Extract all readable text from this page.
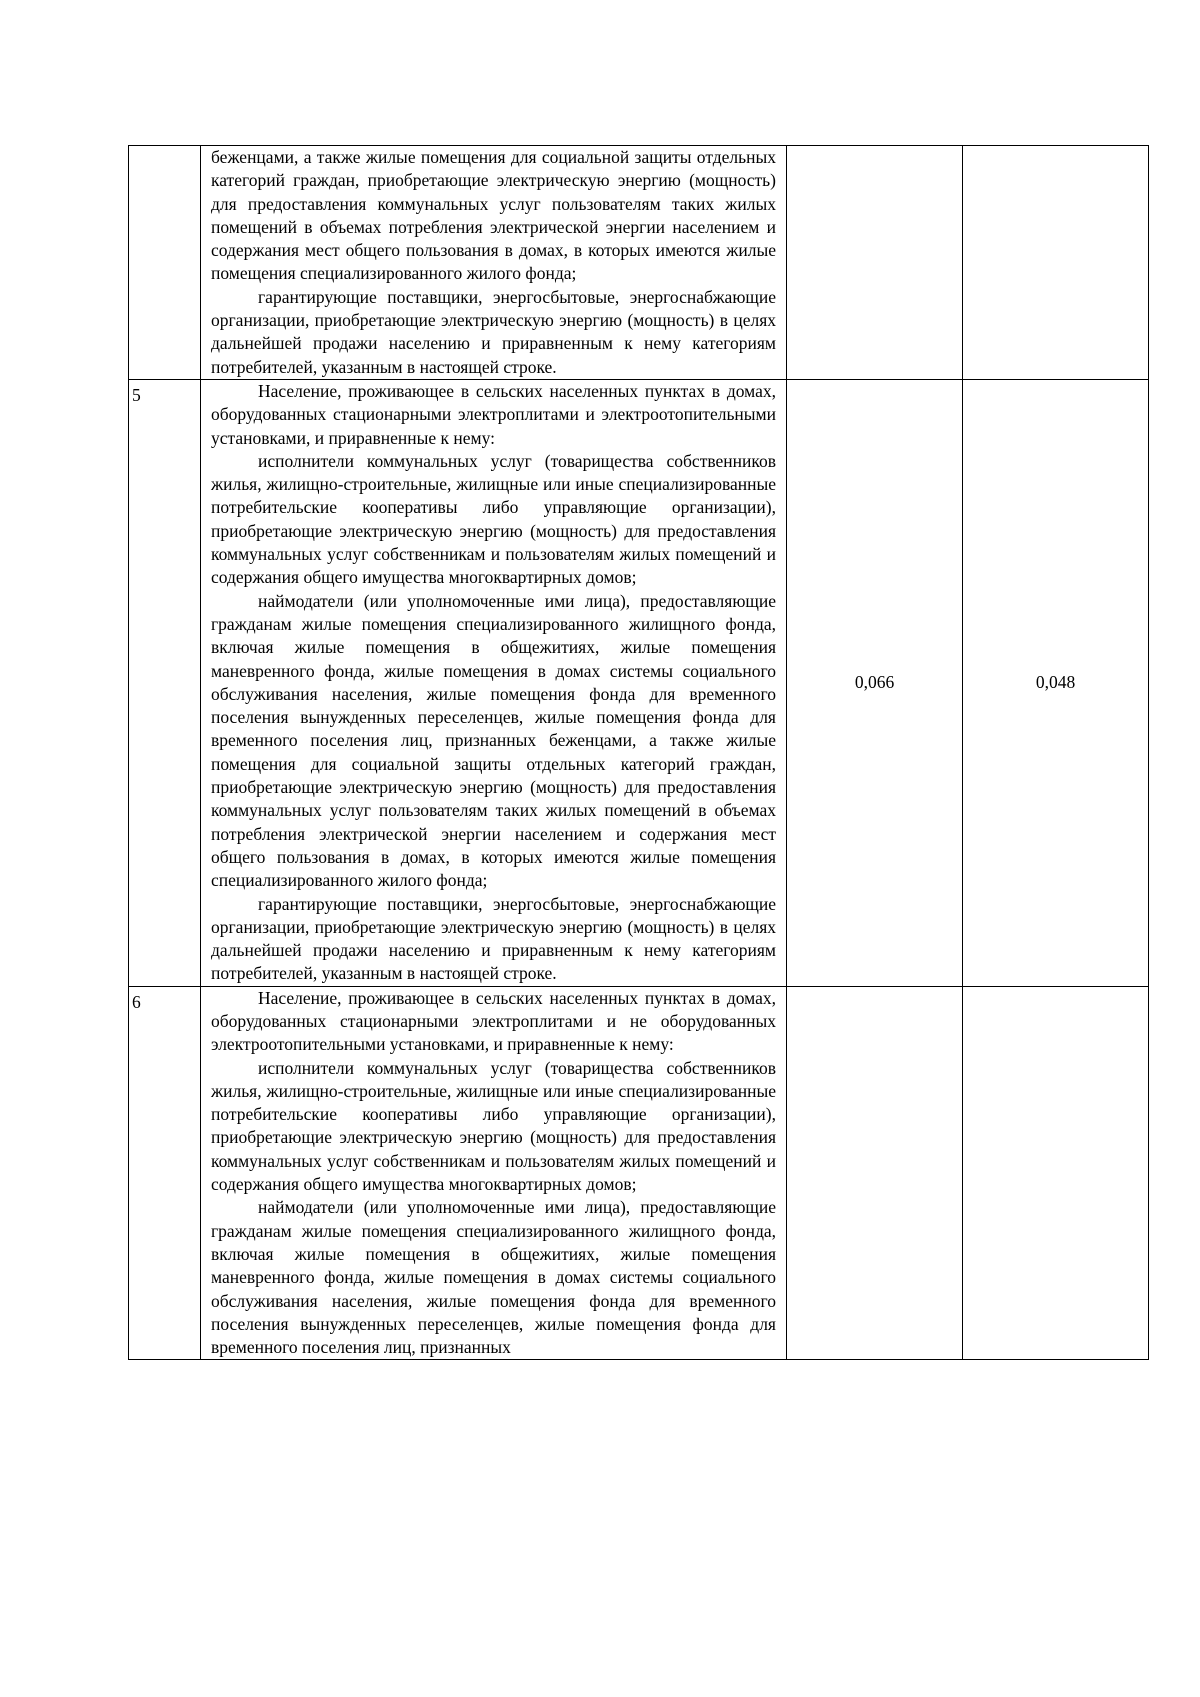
	беженцами, а также жилые помещения для социальной защиты отдельных категорий граждан, приобретающие электрическую энергию (мощность) для предоставления коммунальных услуг пользователям таких жилых помещений в объемах потребления электрической энергии населением и содержания мест общего пользования в домах, в которых имеются жилые помещения специализированного жилого фонда;

гарантирующие поставщики, энергосбытовые, энергоснабжающие организации, приобретающие электрическую энергию (мощность) в целях дальнейшей продажи населению и приравненным к нему категориям потребителей, указанным в настоящей строке.		

5	Население, проживающее в сельских населенных пунктах в домах, оборудованных стационарными электроплитами и электроотопительными установками, и приравненные к нему:

исполнители коммунальных услуг (товарищества собственников жилья, жилищно-строительные, жилищные или иные специализированные потребительские кооперативы либо управляющие организации), приобретающие электрическую энергию (мощность) для предоставления коммунальных услуг собственникам и пользователям жилых помещений и содержания общего имущества многоквартирных домов;

наймодатели (или уполномоченные ими лица), предоставляющие гражданам жилые помещения специализированного жилищного фонда, включая жилые помещения в общежитиях, жилые помещения маневренного фонда, жилые помещения в домах системы социального обслуживания населения, жилые помещения фонда для временного поселения вынужденных переселенцев, жилые помещения фонда для временного поселения лиц, признанных беженцами, а также жилые помещения для социальной защиты отдельных категорий граждан, приобретающие электрическую энергию (мощность) для предоставления коммунальных услуг пользователям таких жилых помещений в объемах потребления электрической энергии населением и содержания мест общего пользования в домах, в которых имеются жилые помещения специализированного жилого фонда;

гарантирующие поставщики, энергосбытовые, энергоснабжающие организации, приобретающие электрическую энергию (мощность) в целях дальнейшей продажи населению и приравненным к нему категориям потребителей, указанным в настоящей строке.	0,066	0,048
6	Население, проживающее в сельских населенных пунктах в домах, оборудованных стационарными электроплитами и не оборудованных электроотопительными установками, и приравненные к нему:

исполнители коммунальных услуг (товарищества собственников жилья, жилищно-строительные, жилищные или иные специализированные потребительские кооперативы либо управляющие организации), приобретающие электрическую энергию (мощность) для предоставления коммунальных услуг собственникам и пользователям жилых помещений и содержания общего имущества многоквартирных домов;

наймодатели (или уполномоченные ими лица), предоставляющие гражданам жилые помещения специализированного жилищного фонда, включая жилые помещения в общежитиях, жилые помещения маневренного фонда, жилые помещения в домах системы социального обслуживания населения, жилые помещения фонда для временного поселения вынужденных переселенцев, жилые помещения фонда для временного поселения лиц, признанных		
